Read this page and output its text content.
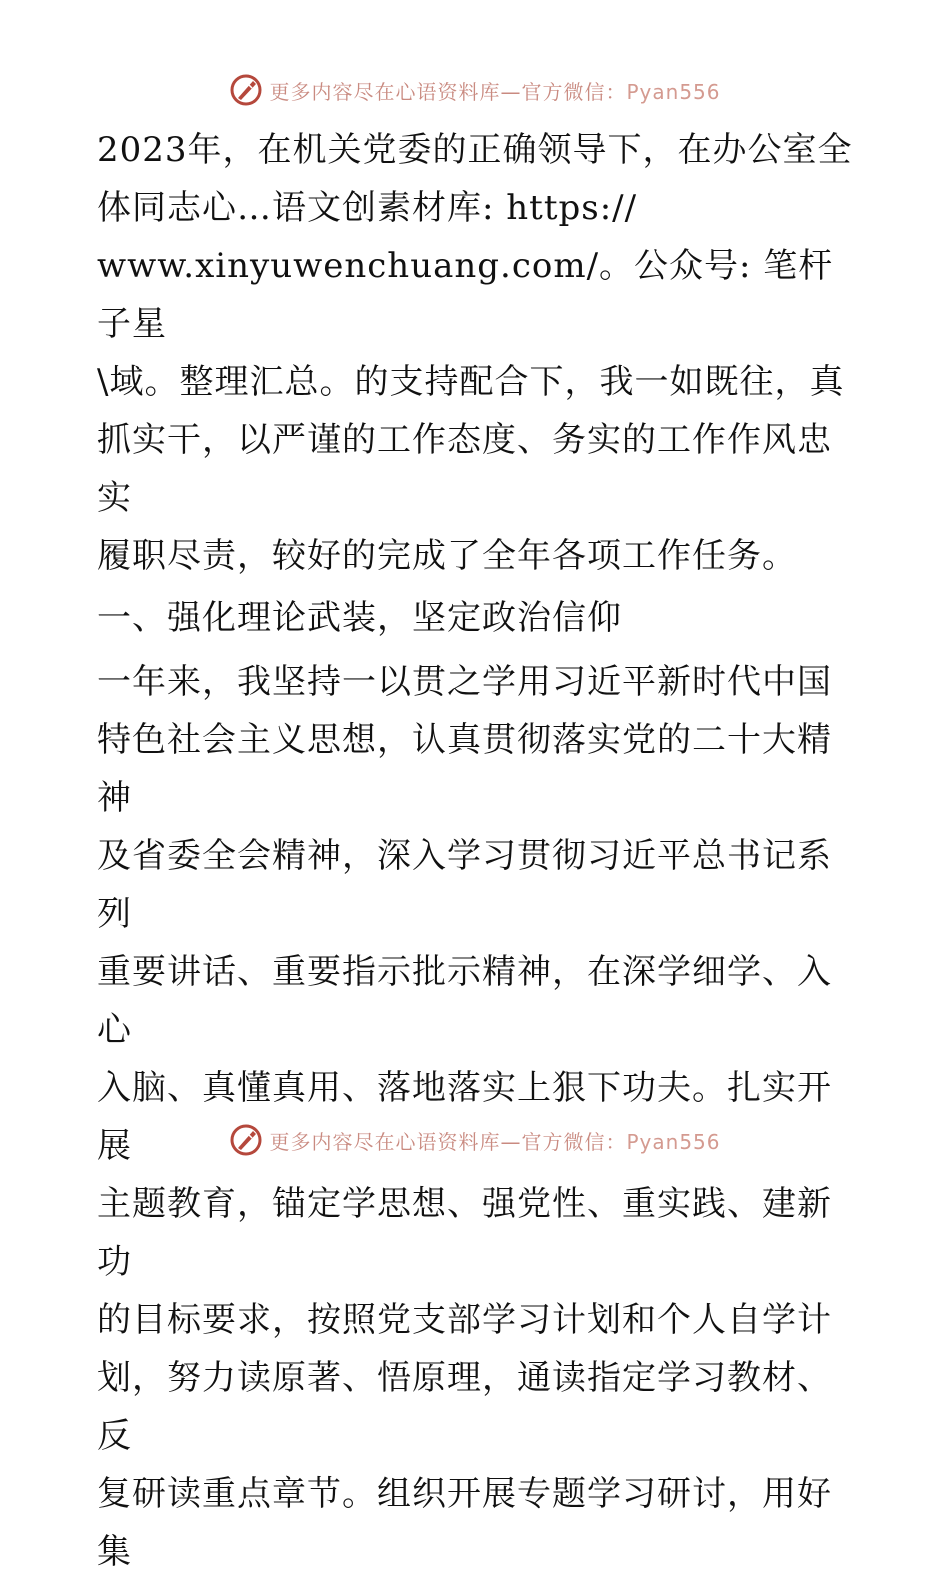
更多内容尽在心语资料库—官方微信：Pyan556

2023年，在机关党委的正确领导下，在办公室全
体同志心…语文创素材库: https://
www.xinyuwenchuang.com/。公众号: 笔杆子星
\域。整理汇总。的支持配合下，我一如既往，真
抓实干，以严谨的工作态度、务实的工作作风忠实
履职尽责，较好的完成了全年各项工作任务。

一、强化理论武装，坚定政治信仰

一年来，我坚持一以贯之学用习近平新时代中国
特色社会主义思想，认真贯彻落实党的二十大精神
及省委全会精神，深入学习贯彻习近平总书记系列
重要讲话、重要指示批示精神，在深学细学、入心
入脑、真懂真用、落地落实上狠下功夫。扎实开展
主题教育，锚定学思想、强党性、重实践、建新功
的目标要求，按照党支部学习计划和个人自学计
划，努力读原著、悟原理，通读指定学习教材、反
复研读重点章节。组织开展专题学习研讨，用好集

更多内容尽在心语资料库—官方微信：Pyan556
